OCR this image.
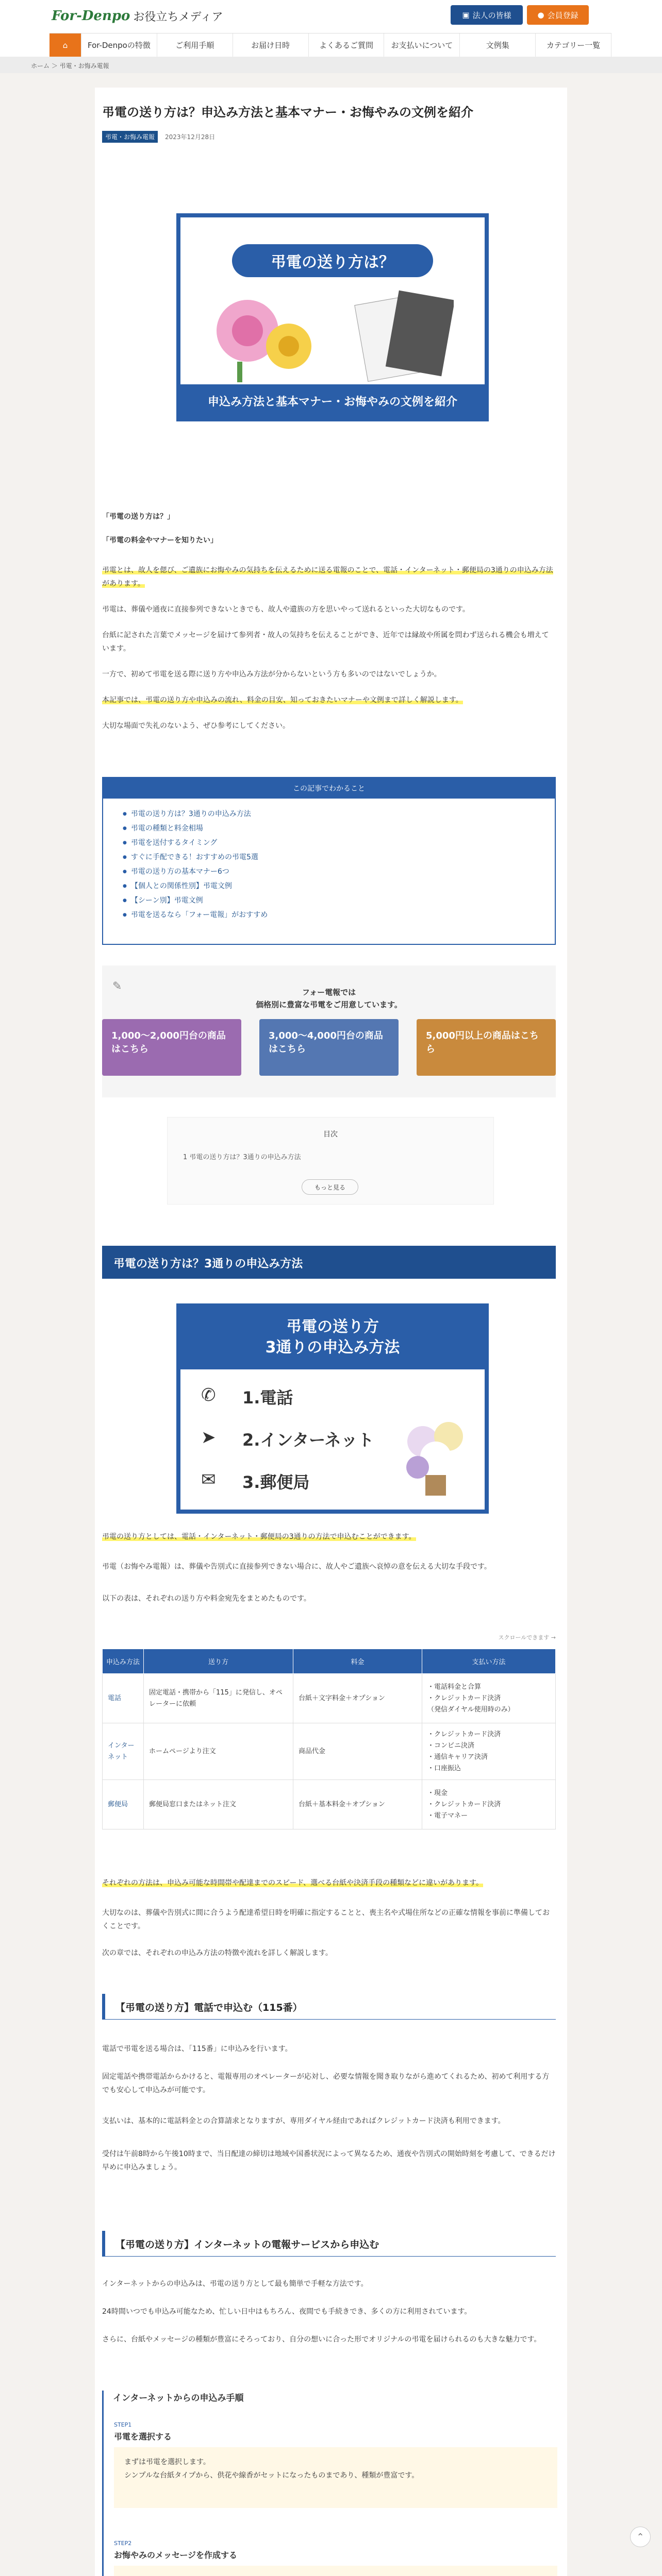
For-Denpo お役立ちメディア	▣ 法人の皆様	● 会員登録
⌂	For-Denpoの特徴	ご利用手順	お届け日時	よくあるご質問	お支払いについて	文例集	カテゴリー一覧
ホーム ＞ 弔電・お悔み電報
弔電の送り方は？申込み方法と基本マナー・お悔やみの文例を紹介
弔電・お悔み電報	2023年12月28日
弔電の送り方は？
申込み方法と基本マナー・お悔やみの文例を紹介
「弔電の送り方は？」
「弔電の料金やマナーを知りたい」
弔電とは、故人を偲び、ご遺族にお悔やみの気持ちを伝えるために送る電報のことで、電話・インターネット・郵便局の3通りの申込み方法があります。
弔電は、葬儀や通夜に直接参列できないときでも、故人や遺族の方を思いやって送れるといった大切なものです。
台紙に記された言葉でメッセージを届けて参列者・故人の気持ちを伝えることができ、近年では縁故や所属を問わず送られる機会も増えています。
一方で、初めて弔電を送る際に送り方や申込み方法が分からないという方も多いのではないでしょうか。
本記事では、弔電の送り方や申込みの流れ、料金の目安、知っておきたいマナーや文例まで詳しく解説します。
大切な場面で失礼のないよう、ぜひ参考にしてください。
この記事でわかること
● 弔電の送り方は？3通りの申込み方法
● 弔電の種類と料金相場
● 弔電を送付するタイミング
● すぐに手配できる！おすすめの弔電5選
● 弔電の送り方の基本マナー6つ
● 【個人との関係性別】弔電文例
● 【シーン別】弔電文例
● 弔電を送るなら「フォー電報」がおすすめ
✎	フォー電報では
価格別に豊富な弔電をご用意しています。
1,000～2,000円台の商品はこちら
3,000～4,000円台の商品はこちら
5,000円以上の商品はこちら
目次
1 弔電の送り方は？3通りの申込み方法
もっと見る
弔電の送り方は？3通りの申込み方法
弔電の送り方
3通りの申込み方法
✆ 1.電話
➤ 2.インターネット
✉ 3.郵便局
弔電の送り方としては、電話・インターネット・郵便局の3通りの方法で申込むことができます。
弔電（お悔やみ電報）は、葬儀や告別式に直接参列できない場合に、故人やご遺族へ哀悼の意を伝える大切な手段です。
以下の表は、それぞれの送り方や料金宛先をまとめたものです。
スクロールできます →
申込み方法	送り方	料金	支払い方法
電話	固定電話・携帯から「115」に発信し、オペレーターに依頼	台紙＋文字料金＋オプション	・電話料金と合算
・クレジットカード決済
（発信ダイヤル使用時のみ）
インターネット	ホームページより注文	商品代金	・クレジットカード決済
・コンビニ決済
・通信キャリア決済
・口座振込
郵便局	郵便局窓口またはネット注文	台紙＋基本料金＋オプション	・現金
・クレジットカード決済
・電子マネー
それぞれの方法は、申込み可能な時間帯や配達までのスピード、選べる台紙や決済手段の種類などに違いがあります。
大切なのは、葬儀や告別式に間に合うよう配達希望日時を明確に指定することと、喪主名や式場住所などの正確な情報を事前に準備しておくことです。
次の章では、それぞれの申込み方法の特徴や流れを詳しく解説します。
【弔電の送り方】電話で申込む（115番）
電話で弔電を送る場合は、「115番」に申込みを行います。
固定電話や携帯電話からかけると、電報専用のオペレーターが応対し、必要な情報を聞き取りながら進めてくれるため、初めて利用する方でも安心して申込みが可能です。
支払いは、基本的に電話料金との合算請求となりますが、専用ダイヤル経由であればクレジットカード決済も利用できます。
受付は午前8時から午後10時まで、当日配達の締切は地域や国番状況によって異なるため、通夜や告別式の開始時刻を考慮して、できるだけ早めに申込みましょう。
【弔電の送り方】インターネットの電報サービスから申込む
インターネットからの申込みは、弔電の送り方として最も簡単で手軽な方法です。
24時間いつでも申込み可能なため、忙しい日中はもちろん、夜間でも手続きでき、多くの方に利用されています。
さらに、台紙やメッセージの種類が豊富にそろっており、自分の想いに合った形でオリジナルの弔電を届けられるのも大きな魅力です。
インターネットからの申込み手順
STEP1
弔電を選択する
まずは弔電を選択します。
シンプルな台紙タイプから、供花や線香がセットになったものまであり、種類が豊富です。
STEP2
お悔やみのメッセージを作成する
⌃
